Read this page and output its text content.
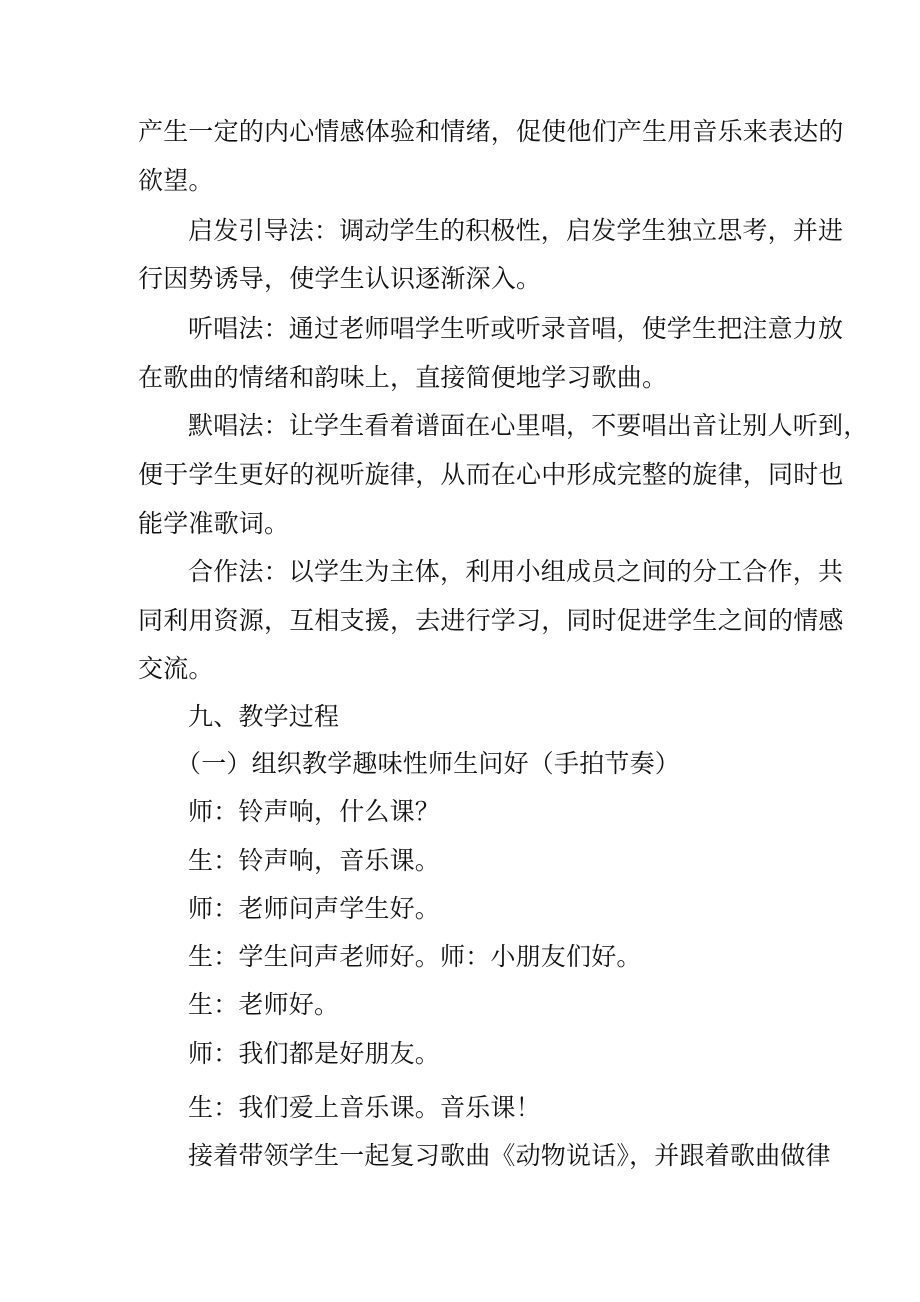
产生一定的内心情感体验和情绪，促使他们产生用音乐来表达的
欲望。
启发引导法：调动学生的积极性，启发学生独立思考，并进
行因势诱导，使学生认识逐渐深入。
听唱法：通过老师唱学生听或听录音唱，使学生把注意力放
在歌曲的情绪和韵味上，直接简便地学习歌曲。
默唱法：让学生看着谱面在心里唱，不要唱出音让别人听到，
便于学生更好的视听旋律，从而在心中形成完整的旋律，同时也
能学准歌词。
合作法：以学生为主体，利用小组成员之间的分工合作，共
同利用资源，互相支援，去进行学习，同时促进学生之间的情感
交流。
九、教学过程
（一）组织教学趣味性师生问好（手拍节奏）
师：铃声响，什么课？
生：铃声响，音乐课。
师：老师问声学生好。
生：学生问声老师好。师：小朋友们好。
生：老师好。
师：我们都是好朋友。
生：我们爱上音乐课。音乐课！
接着带领学生一起复习歌曲《动物说话》，并跟着歌曲做律
